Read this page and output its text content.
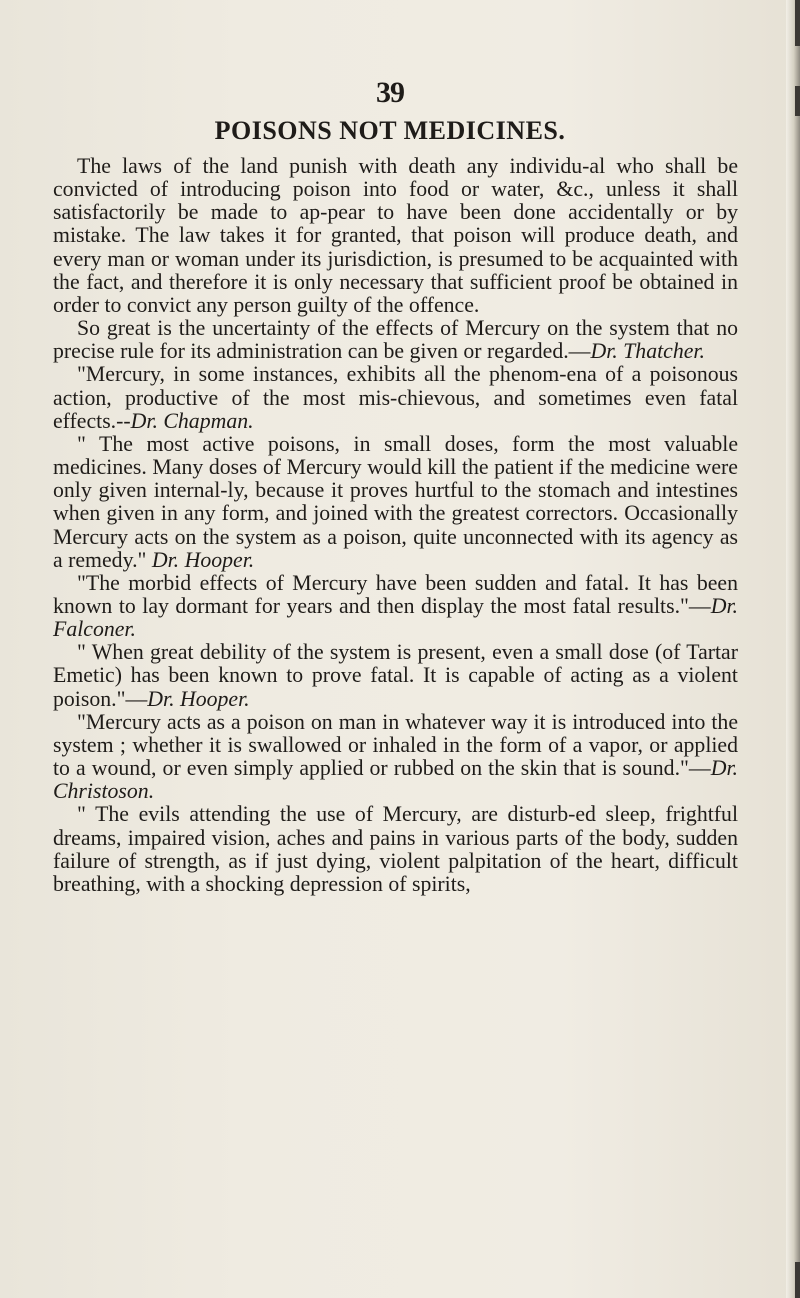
39
POISONS NOT MEDICINES.

The laws of the land punish with death any individu-al who shall be convicted of introducing poison into food or water, &c., unless it shall satisfactorily be made to ap-pear to have been done accidentally or by mistake. The law takes it for granted, that poison will produce death, and every man or woman under its jurisdiction, is presumed to be acquainted with the fact, and therefore it is only necessary that sufficient proof be obtained in order to convict any person guilty of the offence.

So great is the uncertainty of the effects of Mercury on the system that no precise rule for its administration can be given or regarded.—Dr. Thatcher.

"Mercury, in some instances, exhibits all the phenom-ena of a poisonous action, productive of the most mis-chievous, and sometimes even fatal effects.--Dr. Chapman.

" The most active poisons, in small doses, form the most valuable medicines. Many doses of Mercury would kill the patient if the medicine were only given internal-ly, because it proves hurtful to the stomach and intestines when given in any form, and joined with the greatest correctors. Occasionally Mercury acts on the system as a poison, quite unconnected with its agency as a remedy." Dr. Hooper.

"The morbid effects of Mercury have been sudden and fatal. It has been known to lay dormant for years and then display the most fatal results."—Dr. Falconer.

" When great debility of the system is present, even a small dose (of Tartar Emetic) has been known to prove fatal. It is capable of acting as a violent poison."—Dr. Hooper.

"Mercury acts as a poison on man in whatever way it is introduced into the system ; whether it is swallowed or inhaled in the form of a vapor, or applied to a wound, or even simply applied or rubbed on the skin that is sound."—Dr. Christoson.

" The evils attending the use of Mercury, are disturb-ed sleep, frightful dreams, impaired vision, aches and pains in various parts of the body, sudden failure of strength, as if just dying, violent palpitation of the heart, difficult breathing, with a shocking depression of spirits,
